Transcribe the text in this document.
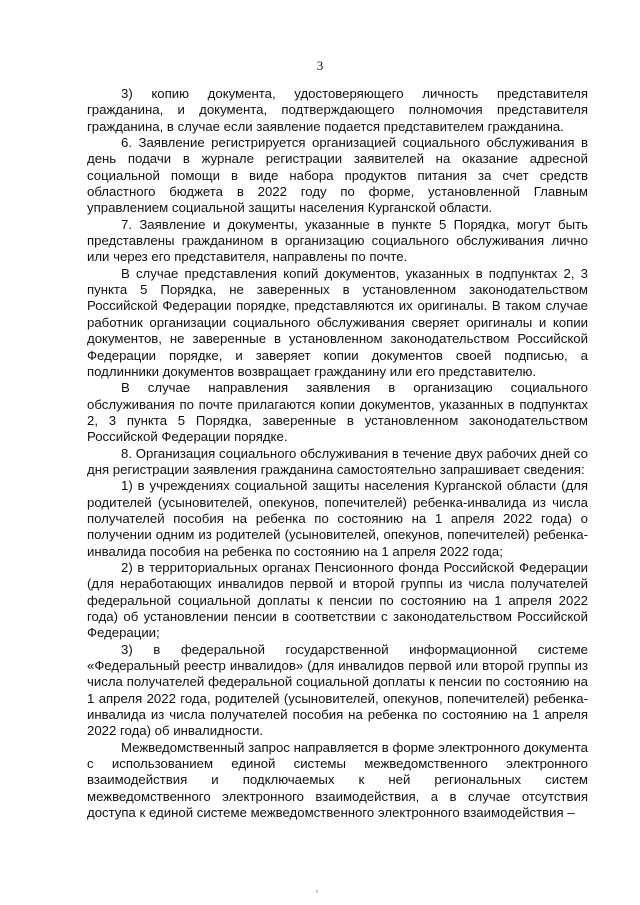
3

3) копию документа, удостоверяющего личность представителя гражданина, и документа, подтверждающего полномочия представителя гражданина, в случае если заявление подается представителем гражданина.

6. Заявление регистрируется организацией социального обслуживания в день подачи в журнале регистрации заявителей на оказание адресной социальной помощи в виде набора продуктов питания за счет средств областного бюджета в 2022 году по форме, установленной Главным управлением социальной защиты населения Курганской области.

7. Заявление и документы, указанные в пункте 5 Порядка, могут быть представлены гражданином в организацию социального обслуживания лично или через его представителя, направлены по почте.

В случае представления копий документов, указанных в подпунктах 2, 3 пункта 5 Порядка, не заверенных в установленном законодательством Российской Федерации порядке, представляются их оригиналы. В таком случае работник организации социального обслуживания сверяет оригиналы и копии документов, не заверенные в установленном законодательством Российской Федерации порядке, и заверяет копии документов своей подписью, а подлинники документов возвращает гражданину или его представителю.

В случае направления заявления в организацию социального обслуживания по почте прилагаются копии документов, указанных в подпунктах 2, 3 пункта 5 Порядка, заверенные в установленном законодательством Российской Федерации порядке.

8. Организация социального обслуживания в течение двух рабочих дней со дня регистрации заявления гражданина самостоятельно запрашивает сведения:

1) в учреждениях социальной защиты населения Курганской области (для родителей (усыновителей, опекунов, попечителей) ребенка-инвалида из числа получателей пособия на ребенка по состоянию на 1 апреля 2022 года) о получении одним из родителей (усыновителей, опекунов, попечителей) ребенка-инвалида пособия на ребенка по состоянию на 1 апреля 2022 года;

2) в территориальных органах Пенсионного фонда Российской Федерации (для неработающих инвалидов первой и второй группы из числа получателей федеральной социальной доплаты к пенсии по состоянию на 1 апреля 2022 года) об установлении пенсии в соответствии с законодательством Российской Федерации;

3) в федеральной государственной информационной системе «Федеральный реестр инвалидов» (для инвалидов первой или второй группы из числа получателей федеральной социальной доплаты к пенсии по состоянию на 1 апреля 2022 года, родителей (усыновителей, опекунов, попечителей) ребенка-инвалида из числа получателей пособия на ребенка по состоянию на 1 апреля 2022 года) об инвалидности.

Межведомственный запрос направляется в форме электронного документа с использованием единой системы межведомственного электронного взаимодействия и подключаемых к ней региональных систем межведомственного электронного взаимодействия, а в случае отсутствия доступа к единой системе межведомственного электронного взаимодействия –

‘
